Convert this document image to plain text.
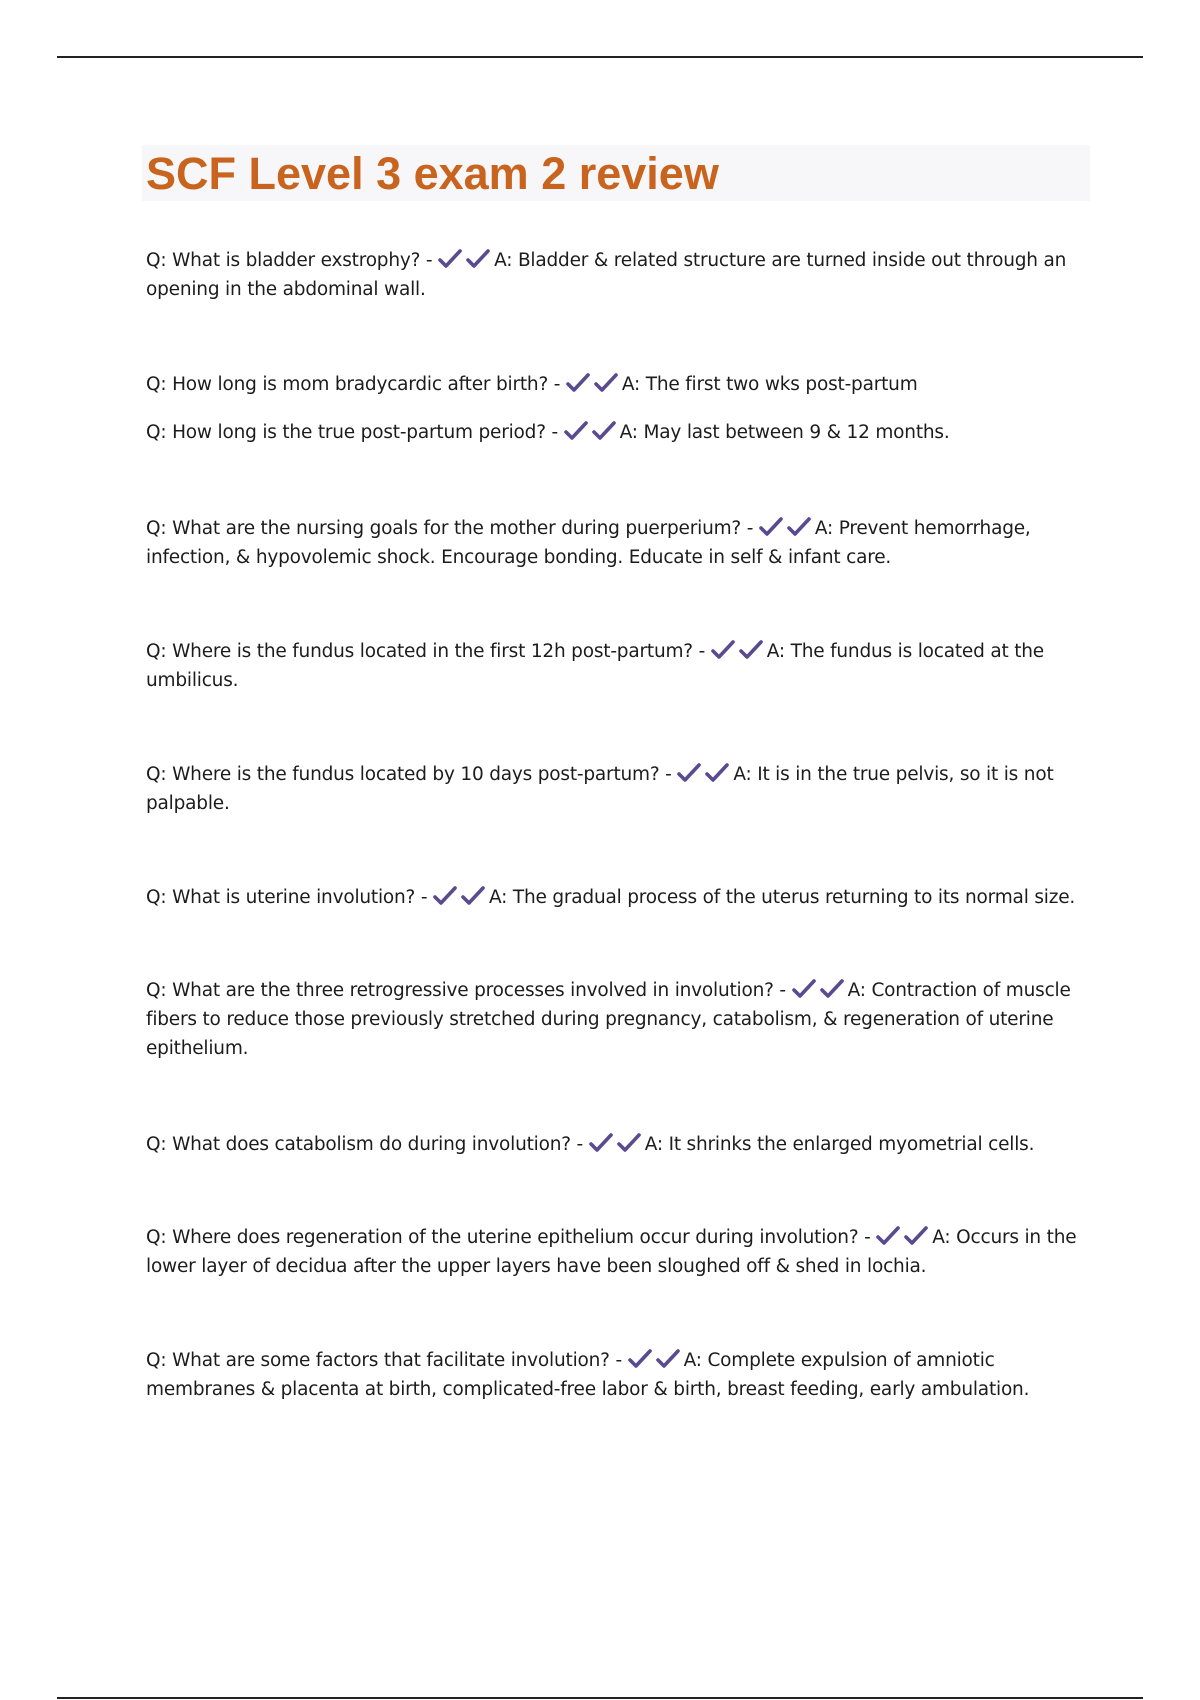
SCF Level 3 exam 2 review

Q: What is bladder exstrophy? -	A: Bladder & related structure are turned inside out through an opening in the abdominal wall.

Q: How long is mom bradycardic after birth? -	A: The first two wks post-partum

Q: How long is the true post-partum period? -	A: May last between 9 & 12 months.

Q: What are the nursing goals for the mother during puerperium? -	A: Prevent hemorrhage, infection, & hypovolemic shock. Encourage bonding. Educate in self & infant care.

Q: Where is the fundus located in the first 12h post-partum? -	A: The fundus is located at the umbilicus.

Q: Where is the fundus located by 10 days post-partum? -	A: It is in the true pelvis, so it is not palpable.

Q: What is uterine involution? -	A: The gradual process of the uterus returning to its normal size.

Q: What are the three retrogressive processes involved in involution? -	A: Contraction of muscle fibers to reduce those previously stretched during pregnancy, catabolism, & regeneration of uterine epithelium.

Q: What does catabolism do during involution? -	A: It shrinks the enlarged myometrial cells.

Q: Where does regeneration of the uterine epithelium occur during involution? -	A: Occurs in the lower layer of decidua after the upper layers have been sloughed off & shed in lochia.

Q: What are some factors that facilitate involution? -	A: Complete expulsion of amniotic membranes & placenta at birth, complicated-free labor & birth, breast feeding, early ambulation.
